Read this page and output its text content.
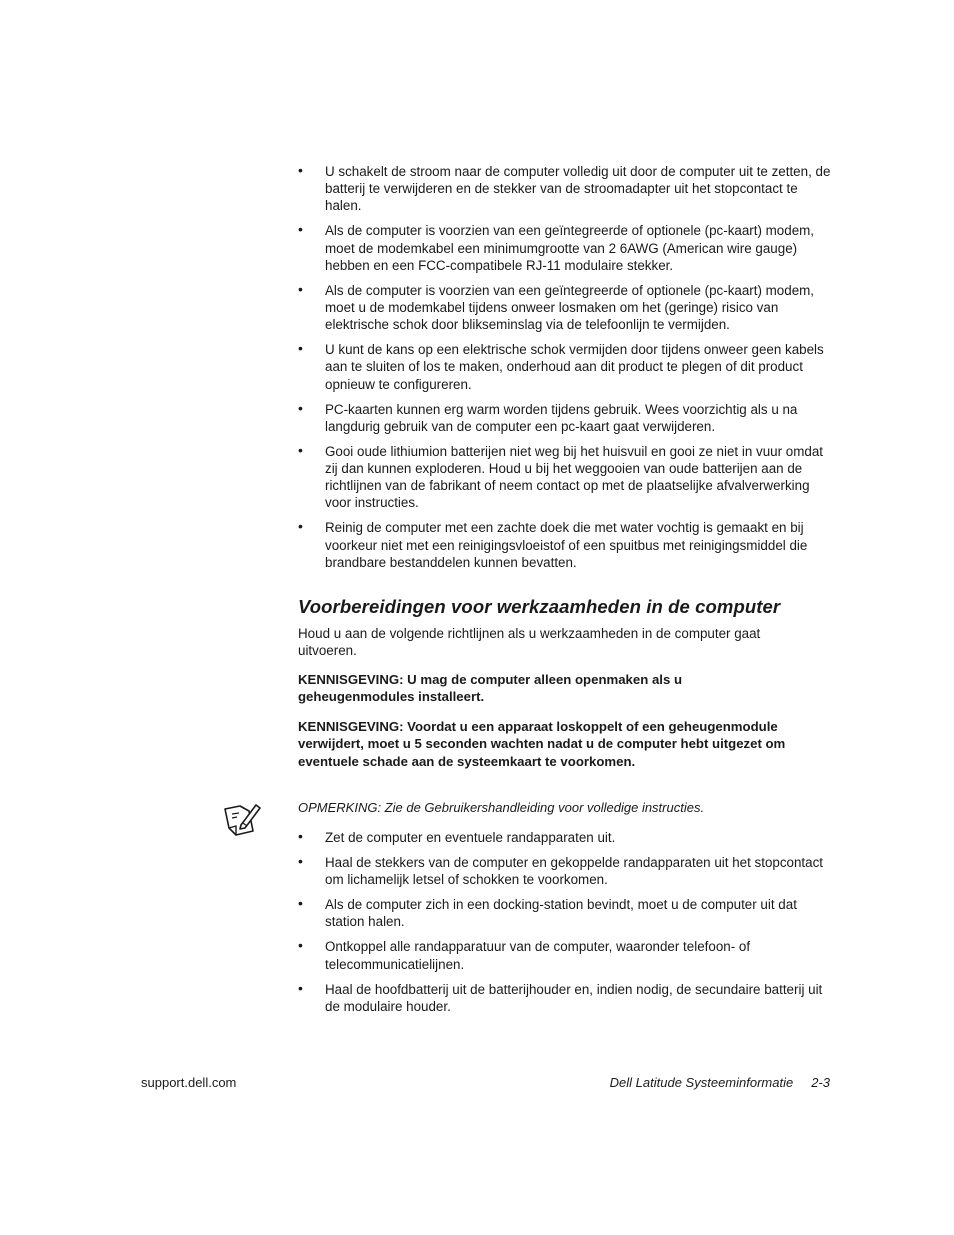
• U schakelt de stroom naar de computer volledig uit door de computer uit te zetten, de batterij te verwijderen en de stekker van de stroomadapter uit het stopcontact te halen.
• Als de computer is voorzien van een geïntegreerde of optionele (pc-kaart) modem, moet de modemkabel een minimumgrootte van 2 6AWG (American wire gauge) hebben en een FCC-compatibele RJ-11 modulaire stekker.
• Als de computer is voorzien van een geïntegreerde of optionele (pc-kaart) modem, moet u de modemkabel tijdens onweer losmaken om het (geringe) risico van elektrische schok door blikseminslag via de telefoonlijn te vermijden.
• U kunt de kans op een elektrische schok vermijden door tijdens onweer geen kabels aan te sluiten of los te maken, onderhoud aan dit product te plegen of dit product opnieuw te configureren.
• PC-kaarten kunnen erg warm worden tijdens gebruik. Wees voorzichtig als u na langdurig gebruik van de computer een pc-kaart gaat verwijderen.
• Gooi oude lithiumion batterijen niet weg bij het huisvuil en gooi ze niet in vuur omdat zij dan kunnen exploderen. Houd u bij het weggooien van oude batterijen aan de richtlijnen van de fabrikant of neem contact op met de plaatselijke afvalverwerking voor instructies.
• Reinig de computer met een zachte doek die met water vochtig is gemaakt en bij voorkeur niet met een reinigingsvloeistof of een spuitbus met reinigingsmiddel die brandbare bestanddelen kunnen bevatten.
Voorbereidingen voor werkzaamheden in de computer

Houd u aan de volgende richtlijnen als u werkzaamheden in de computer gaat uitvoeren.

KENNISGEVING: U mag de computer alleen openmaken als u geheugenmodules installeert.

KENNISGEVING: Voordat u een apparaat loskoppelt of een geheugenmodule verwijdert, moet u 5 seconden wachten nadat u de computer hebt uitgezet om eventuele schade aan de systeemkaart te voorkomen.

OPMERKING: Zie de Gebruikershandleiding voor volledige instructies.

• Zet de computer en eventuele randapparaten uit.
• Haal de stekkers van de computer en gekoppelde randapparaten uit het stopcontact om lichamelijk letsel of schokken te voorkomen.
• Als de computer zich in een docking-station bevindt, moet u de computer uit dat station halen.
• Ontkoppel alle randapparatuur van de computer, waaronder telefoon- of telecommunicatielijnen.
• Haal de hoofdbatterij uit de batterijhouder en, indien nodig, de secundaire batterij uit de modulaire houder.
support.dell.com	Dell Latitude Systeeminformatie 2-3
